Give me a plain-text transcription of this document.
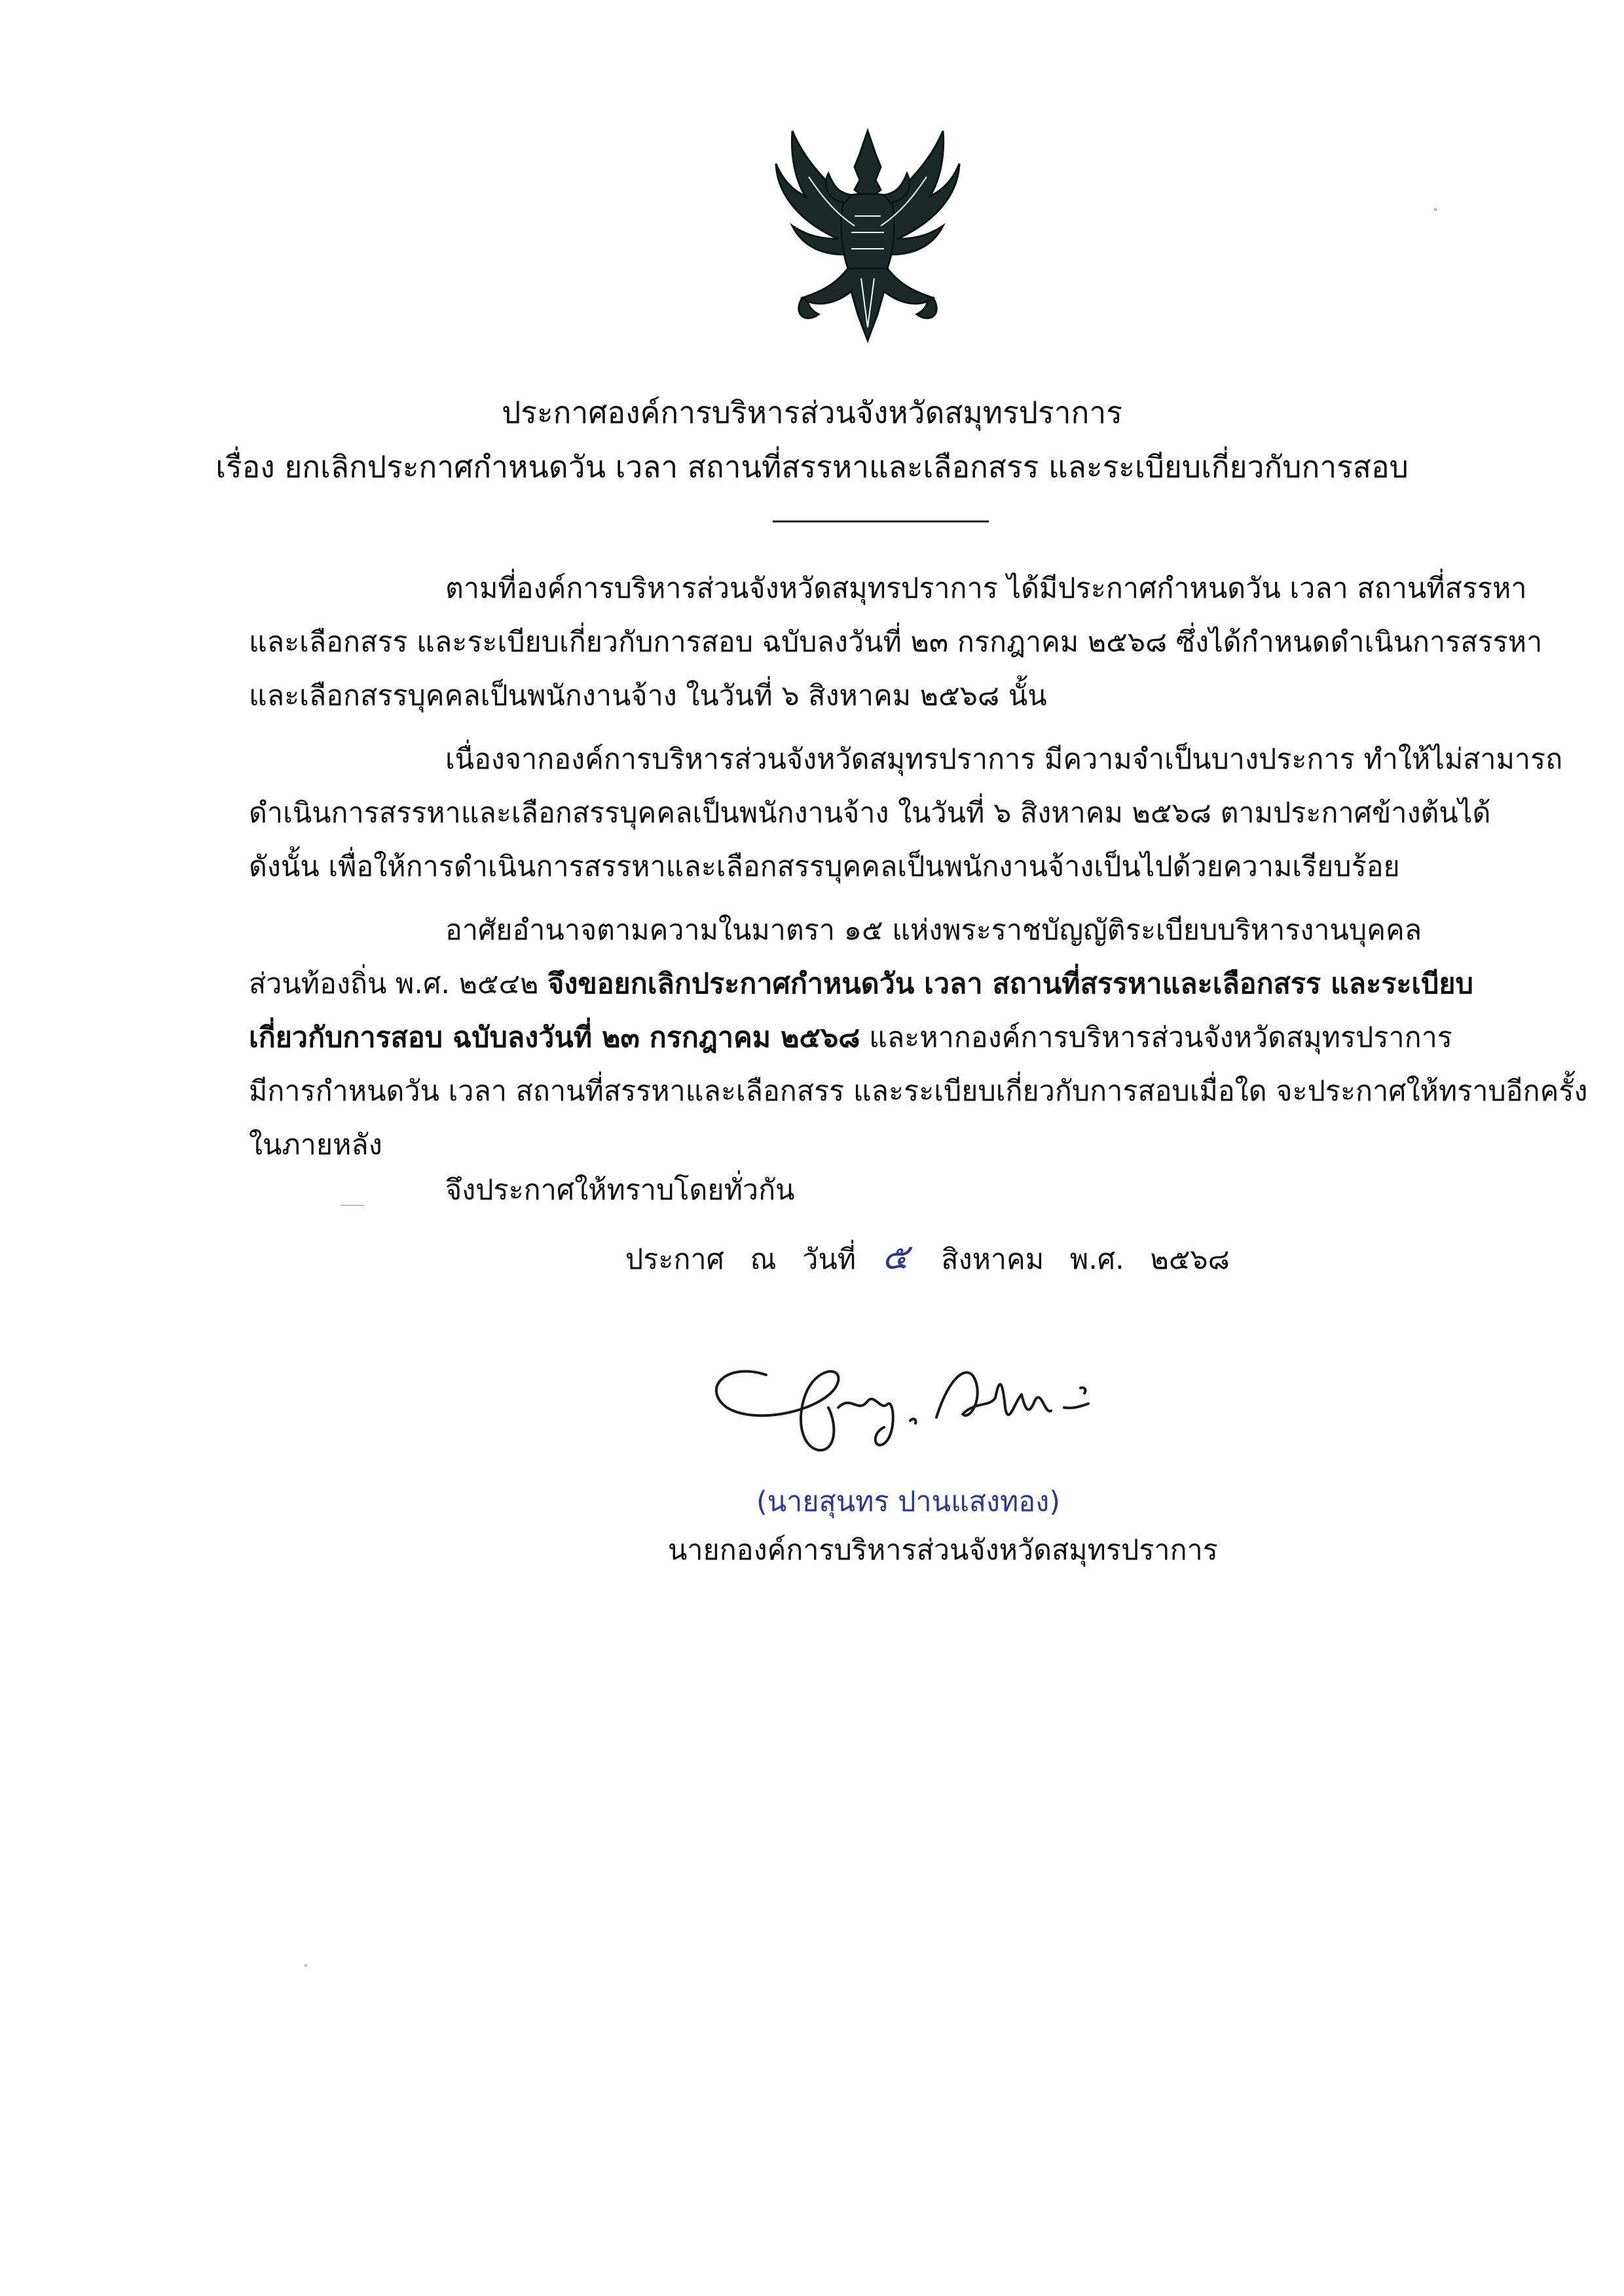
ประกาศองค์การบริหารส่วนจังหวัดสมุทรปราการ
เรื่อง ยกเลิกประกาศกำหนดวัน เวลา สถานที่สรรหาและเลือกสรร และระเบียบเกี่ยวกับการสอบ
ตามที่องค์การบริหารส่วนจังหวัดสมุทรปราการ ได้มีประกาศกำหนดวัน เวลา สถานที่สรรหา
และเลือกสรร และระเบียบเกี่ยวกับการสอบ ฉบับลงวันที่ ๒๓ กรกฎาคม ๒๕๖๘ ซึ่งได้กำหนดดำเนินการสรรหา
และเลือกสรรบุคคลเป็นพนักงานจ้าง ในวันที่ ๖ สิงหาคม ๒๕๖๘ นั้น
เนื่องจากองค์การบริหารส่วนจังหวัดสมุทรปราการ มีความจำเป็นบางประการ ทำให้ไม่สามารถ
ดำเนินการสรรหาและเลือกสรรบุคคลเป็นพนักงานจ้าง ในวันที่ ๖ สิงหาคม ๒๕๖๘ ตามประกาศข้างต้นได้
ดังนั้น เพื่อให้การดำเนินการสรรหาและเลือกสรรบุคคลเป็นพนักงานจ้างเป็นไปด้วยความเรียบร้อย
อาศัยอำนาจตามความในมาตรา ๑๕ แห่งพระราชบัญญัติระเบียบบริหารงานบุคคล
ส่วนท้องถิ่น พ.ศ. ๒๕๔๒ จึงขอยกเลิกประกาศกำหนดวัน เวลา สถานที่สรรหาและเลือกสรร และระเบียบ
เกี่ยวกับการสอบ ฉบับลงวันที่ ๒๓ กรกฎาคม ๒๕๖๘ และหากองค์การบริหารส่วนจังหวัดสมุทรปราการ
มีการกำหนดวัน เวลา สถานที่สรรหาและเลือกสรร และระเบียบเกี่ยวกับการสอบเมื่อใด จะประกาศให้ทราบอีกครั้ง
ในภายหลัง
จึงประกาศให้ทราบโดยทั่วกัน
ประกาศ ณ วันที่ ๕ สิงหาคม พ.ศ. ๒๕๖๘
(นายสุนทร ปานแสงทอง)
นายกองค์การบริหารส่วนจังหวัดสมุทรปราการ
